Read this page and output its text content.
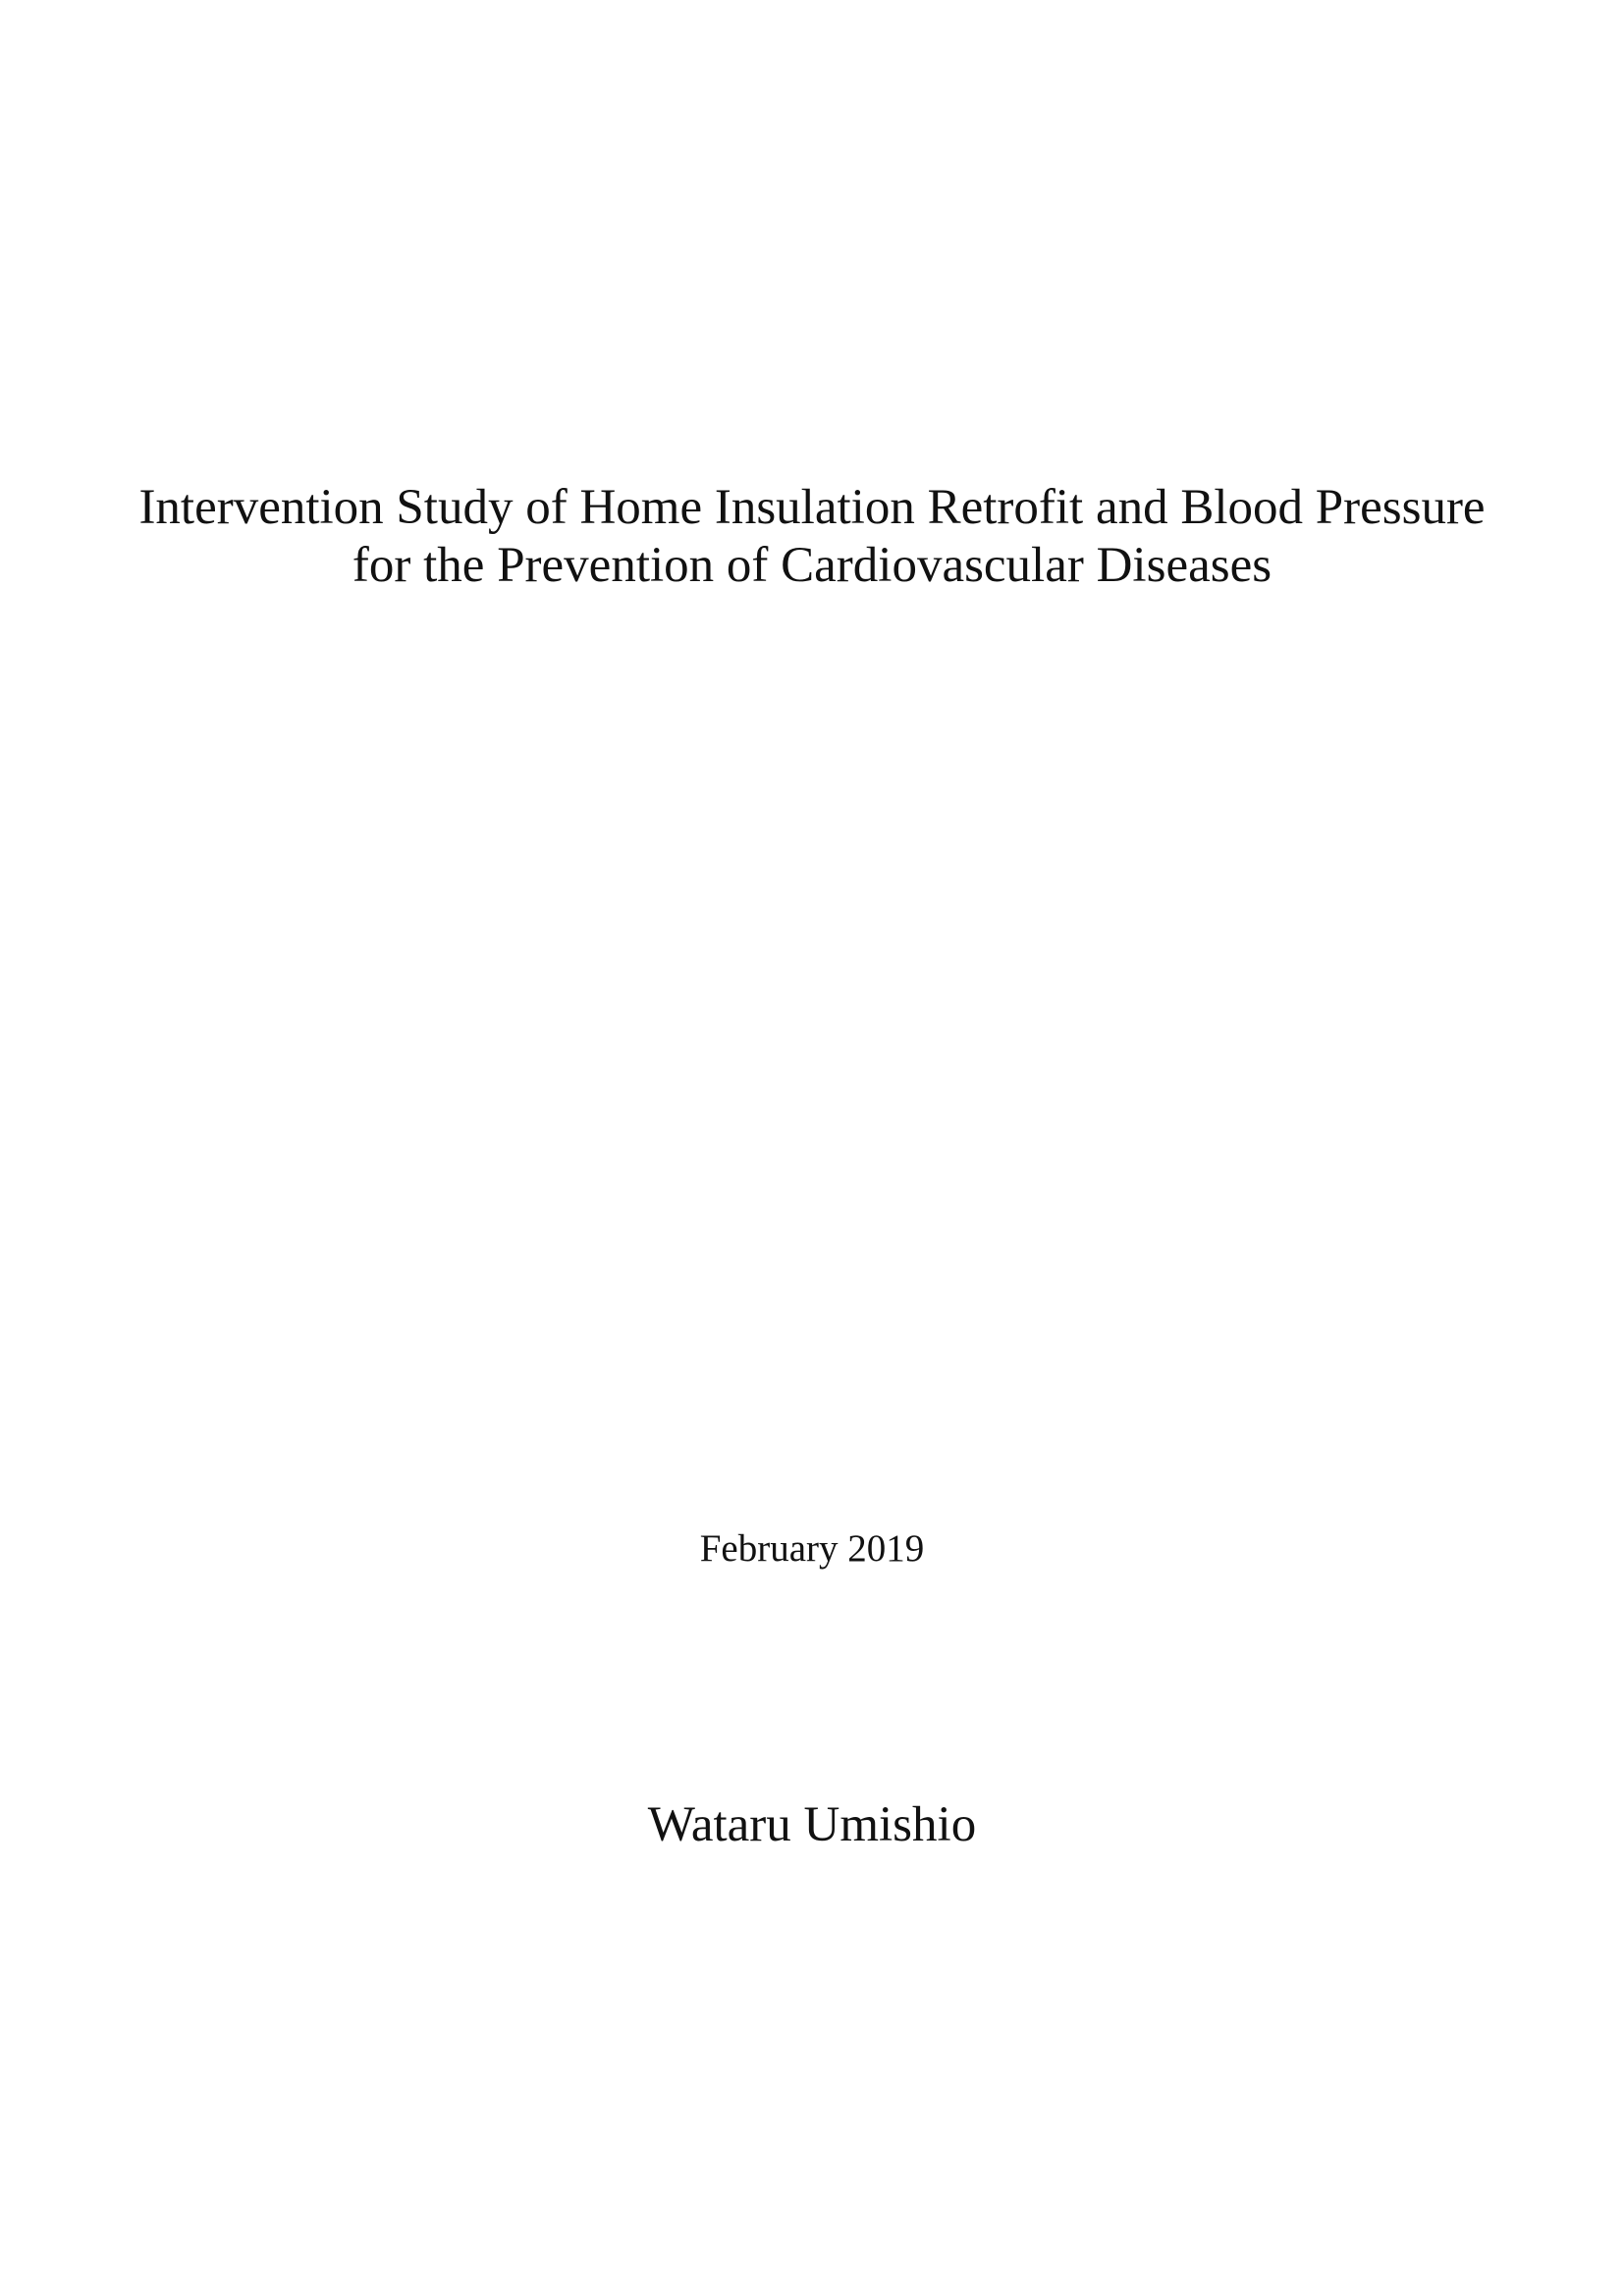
Intervention Study of Home Insulation Retrofit and Blood Pressure
for the Prevention of Cardiovascular Diseases
February 2019
Wataru Umishio
